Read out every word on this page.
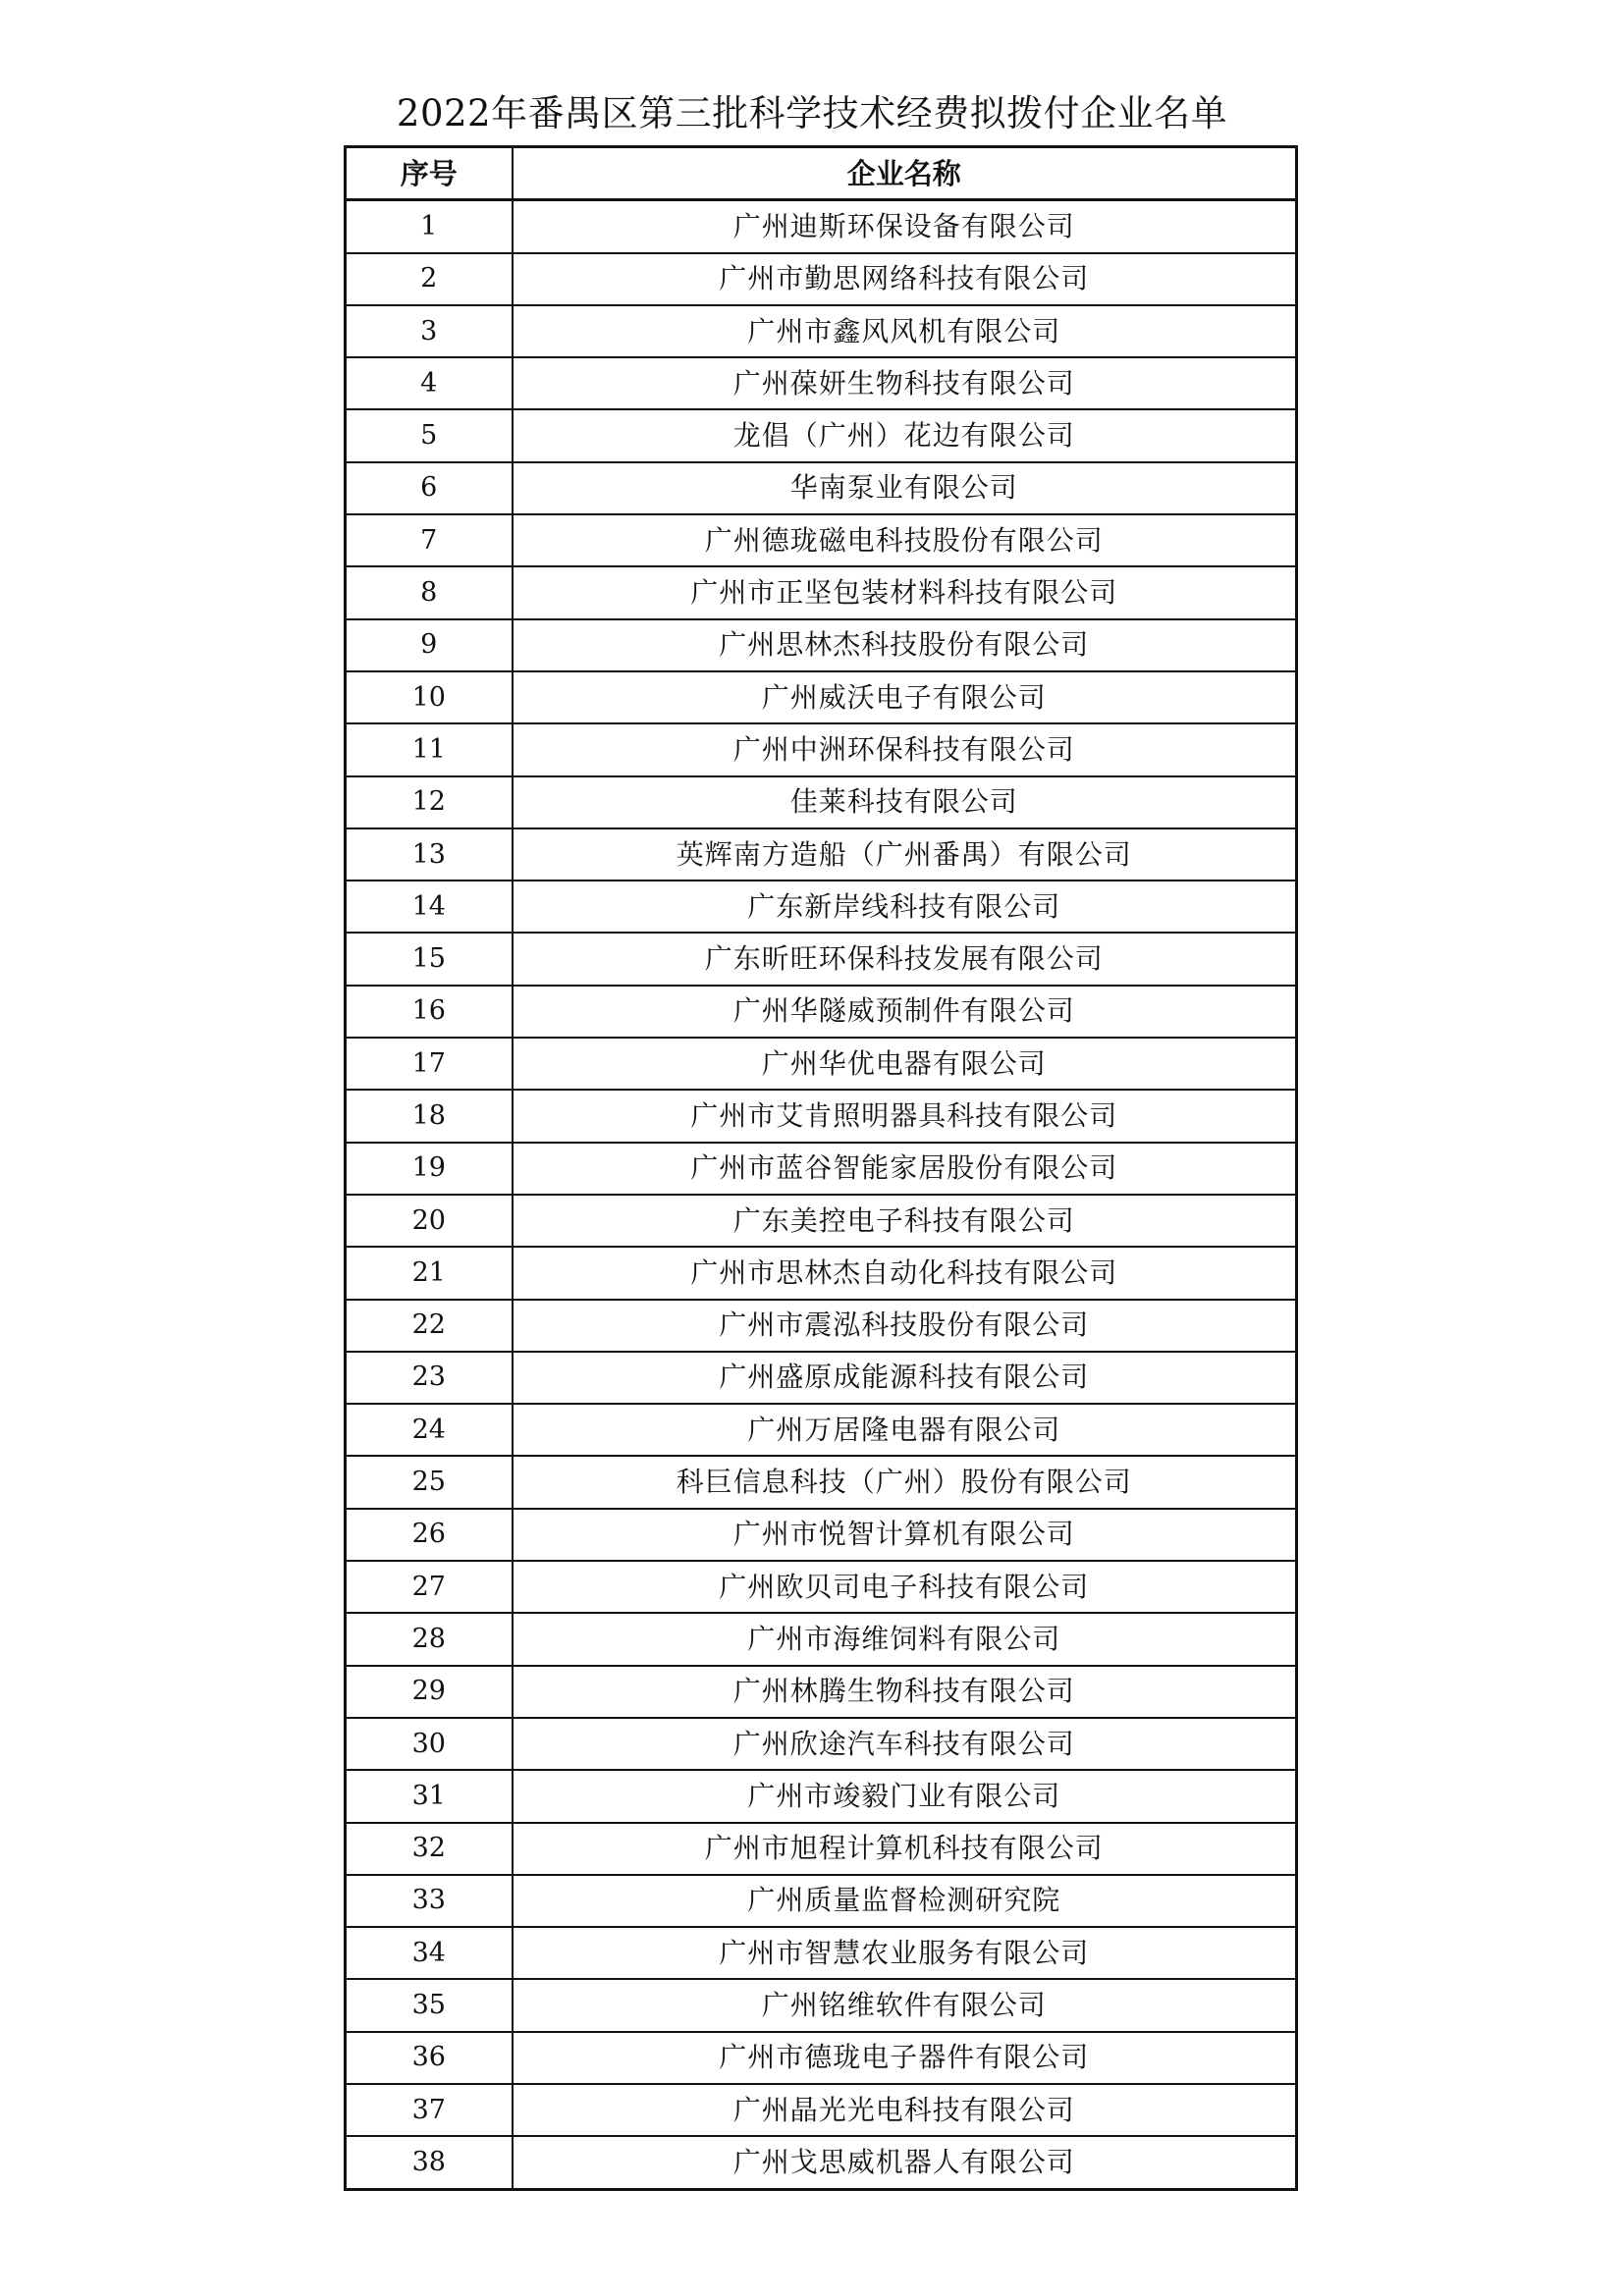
2022年番禺区第三批科学技术经费拟拨付企业名单
序号	企业名称
1	广州迪斯环保设备有限公司
2	广州市勤思网络科技有限公司
3	广州市鑫风风机有限公司
4	广州葆妍生物科技有限公司
5	龙倡（广州）花边有限公司
6	华南泵业有限公司
7	广州德珑磁电科技股份有限公司
8	广州市正坚包装材料科技有限公司
9	广州思林杰科技股份有限公司
10	广州威沃电子有限公司
11	广州中洲环保科技有限公司
12	佳莱科技有限公司
13	英辉南方造船（广州番禺）有限公司
14	广东新岸线科技有限公司
15	广东昕旺环保科技发展有限公司
16	广州华隧威预制件有限公司
17	广州华优电器有限公司
18	广州市艾肯照明器具科技有限公司
19	广州市蓝谷智能家居股份有限公司
20	广东美控电子科技有限公司
21	广州市思林杰自动化科技有限公司
22	广州市震泓科技股份有限公司
23	广州盛原成能源科技有限公司
24	广州万居隆电器有限公司
25	科巨信息科技（广州）股份有限公司
26	广州市悦智计算机有限公司
27	广州欧贝司电子科技有限公司
28	广州市海维饲料有限公司
29	广州林腾生物科技有限公司
30	广州欣途汽车科技有限公司
31	广州市竣毅门业有限公司
32	广州市旭程计算机科技有限公司
33	广州质量监督检测研究院
34	广州市智慧农业服务有限公司
35	广州铭维软件有限公司
36	广州市德珑电子器件有限公司
37	广州晶光光电科技有限公司
38	广州戈思威机器人有限公司
